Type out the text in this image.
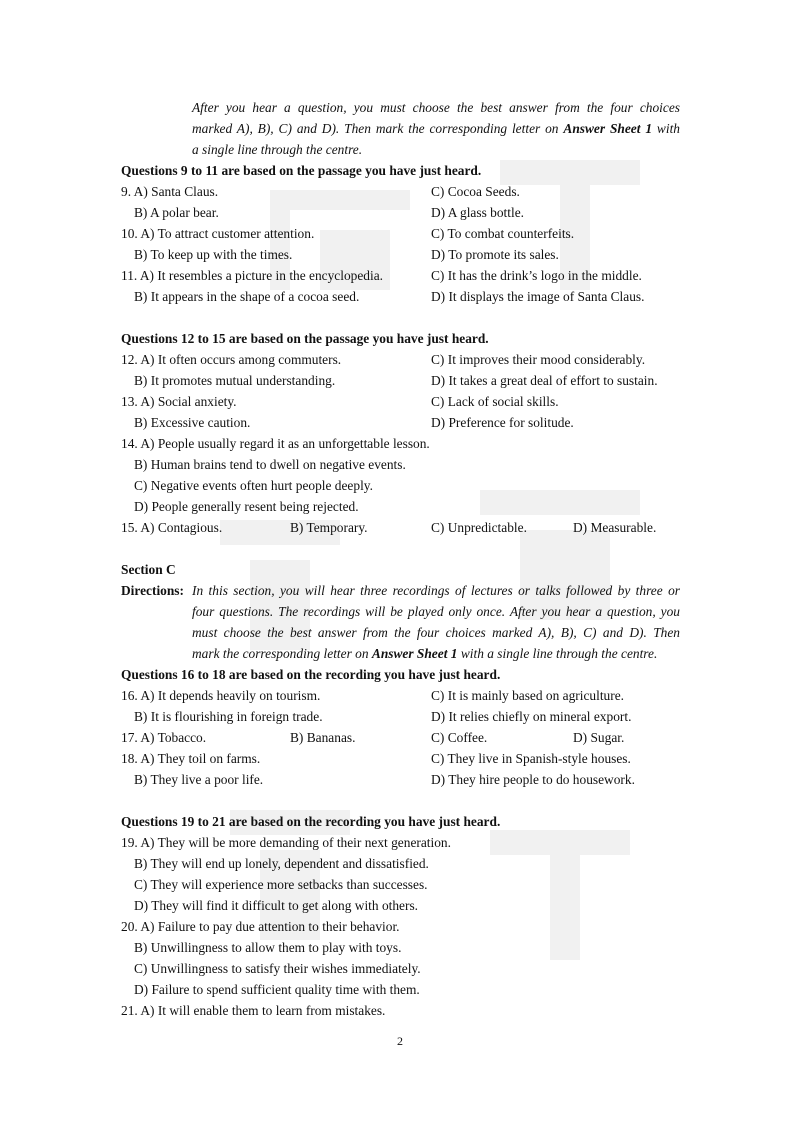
After you hear a question, you must choose the best answer from the four choices
marked A), B), C) and D). Then mark the corresponding letter on Answer Sheet 1 with
a single line through the centre.
Questions 9 to 11 are based on the passage you have just heard.
9. A) Santa Claus.	C) Cocoa Seeds.
B) A polar bear.	D) A glass bottle.
10. A) To attract customer attention.	C) To combat counterfeits.
B) To keep up with the times.	D) To promote its sales.
11. A) It resembles a picture in the encyclopedia.	C) It has the drink’s logo in the middle.
B) It appears in the shape of a cocoa seed.	D) It displays the image of Santa Claus.
Questions 12 to 15 are based on the passage you have just heard.
12. A) It often occurs among commuters.	C) It improves their mood considerably.
B) It promotes mutual understanding.	D) It takes a great deal of effort to sustain.
13. A) Social anxiety.	C) Lack of social skills.
B) Excessive caution.	D) Preference for solitude.
14. A) People usually regard it as an unforgettable lesson.
B) Human brains tend to dwell on negative events.
C) Negative events often hurt people deeply.
D) People generally resent being rejected.
15. A) Contagious.	B) Temporary.	C) Unpredictable.	D) Measurable.
Section C
Directions: In this section, you will hear three recordings of lectures or talks followed by three or
four questions. The recordings will be played only once. After you hear a question, you
must choose the best answer from the four choices marked A), B), C) and D). Then
mark the corresponding letter on Answer Sheet 1 with a single line through the centre.
Questions 16 to 18 are based on the recording you have just heard.
16. A) It depends heavily on tourism.	C) It is mainly based on agriculture.
B) It is flourishing in foreign trade.	D) It relies chiefly on mineral export.
17. A) Tobacco.	B) Bananas.	C) Coffee.	D) Sugar.
18. A) They toil on farms.	C) They live in Spanish-style houses.
B) They live a poor life.	D) They hire people to do housework.
Questions 19 to 21 are based on the recording you have just heard.
19. A) They will be more demanding of their next generation.
B) They will end up lonely, dependent and dissatisfied.
C) They will experience more setbacks than successes.
D) They will find it difficult to get along with others.
20. A) Failure to pay due attention to their behavior.
B) Unwillingness to allow them to play with toys.
C) Unwillingness to satisfy their wishes immediately.
D) Failure to spend sufficient quality time with them.
21. A) It will enable them to learn from mistakes.
2
